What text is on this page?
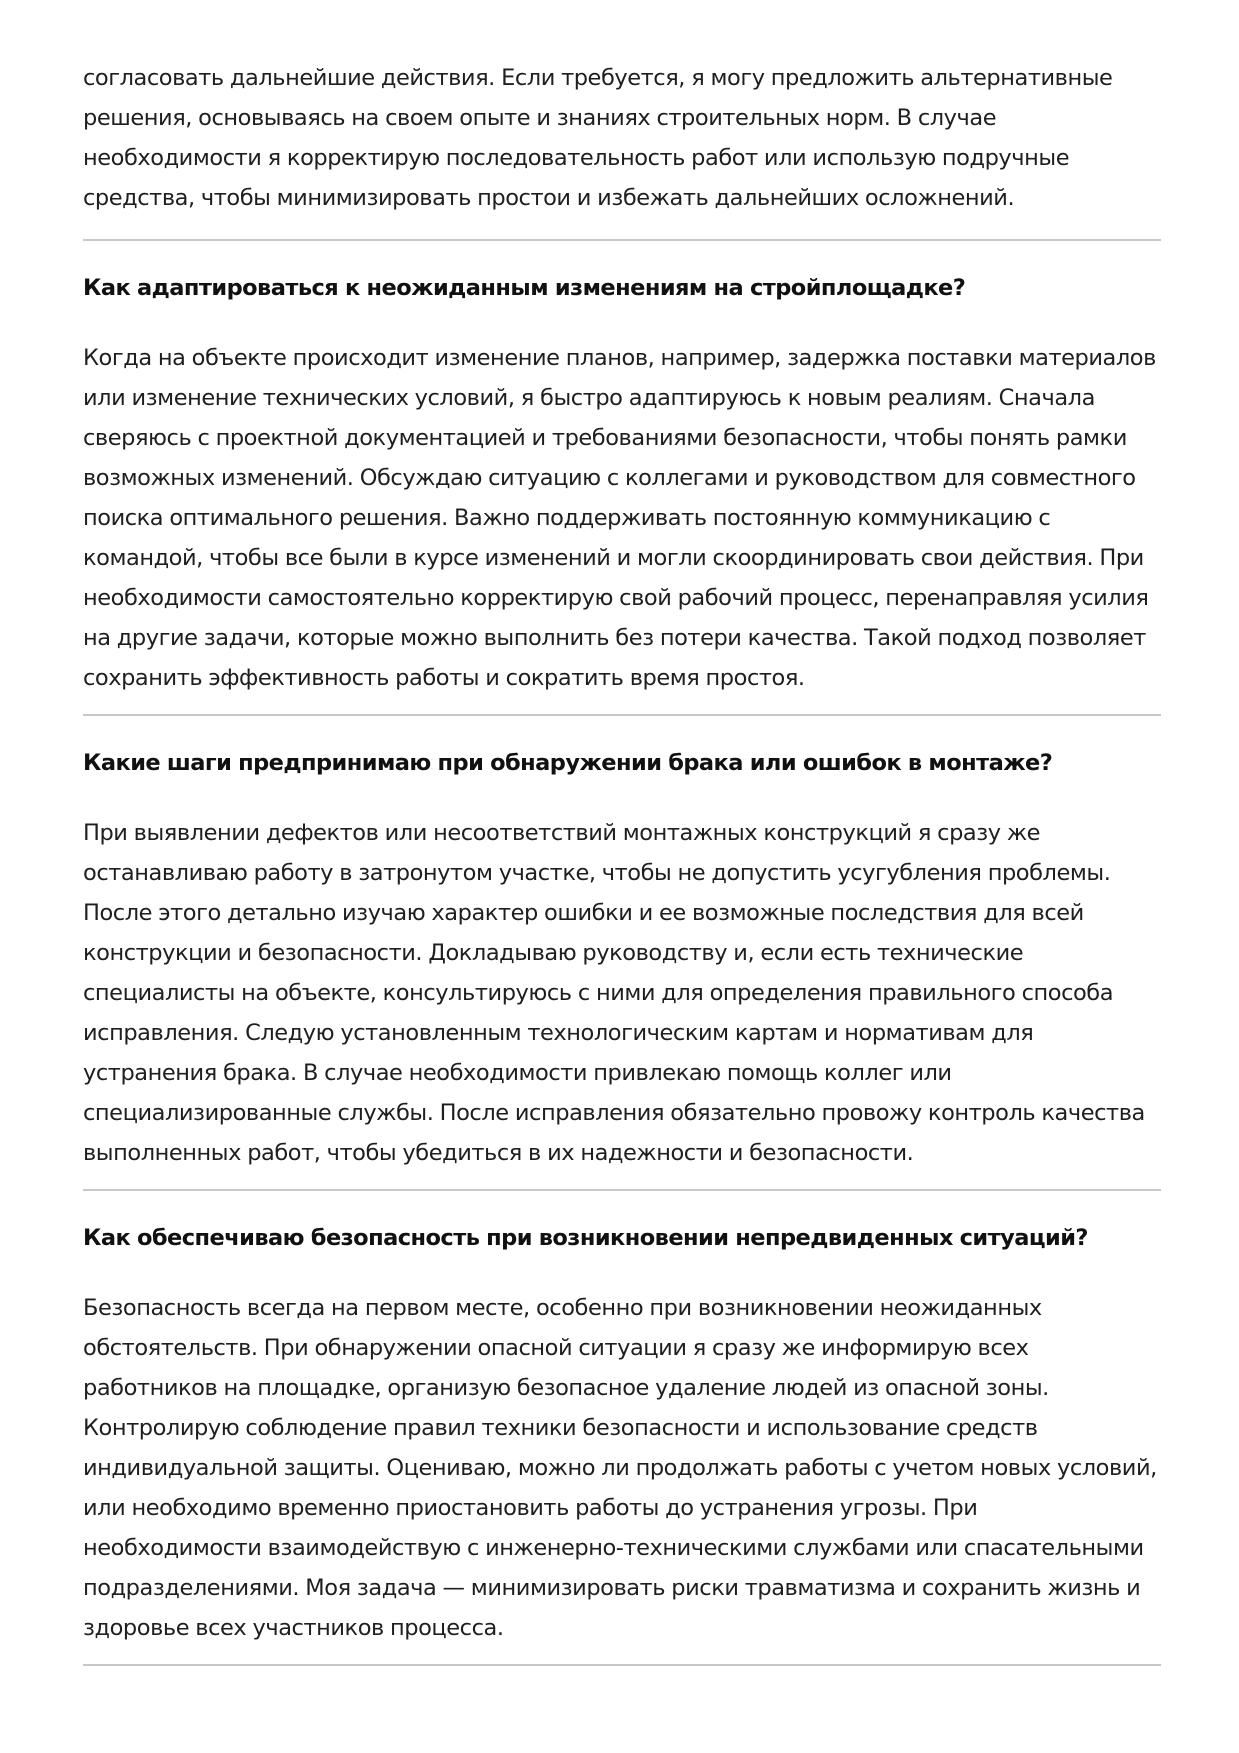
согласовать дальнейшие действия. Если требуется, я могу предложить альтернативные решения, основываясь на своем опыте и знаниях строительных норм. В случае необходимости я корректирую последовательность работ или использую подручные средства, чтобы минимизировать простои и избежать дальнейших осложнений.

Как адаптироваться к неожиданным изменениям на стройплощадке?

Когда на объекте происходит изменение планов, например, задержка поставки материалов или изменение технических условий, я быстро адаптируюсь к новым реалиям. Сначала сверяюсь с проектной документацией и требованиями безопасности, чтобы понять рамки возможных изменений. Обсуждаю ситуацию с коллегами и руководством для совместного поиска оптимального решения. Важно поддерживать постоянную коммуникацию с командой, чтобы все были в курсе изменений и могли скоординировать свои действия. При необходимости самостоятельно корректирую свой рабочий процесс, перенаправляя усилия на другие задачи, которые можно выполнить без потери качества. Такой подход позволяет сохранить эффективность работы и сократить время простоя.

Какие шаги предпринимаю при обнаружении брака или ошибок в монтаже?

При выявлении дефектов или несоответствий монтажных конструкций я сразу же останавливаю работу в затронутом участке, чтобы не допустить усугубления проблемы. После этого детально изучаю характер ошибки и ее возможные последствия для всей конструкции и безопасности. Докладываю руководству и, если есть технические специалисты на объекте, консультируюсь с ними для определения правильного способа исправления. Следую установленным технологическим картам и нормативам для устранения брака. В случае необходимости привлекаю помощь коллег или специализированные службы. После исправления обязательно провожу контроль качества выполненных работ, чтобы убедиться в их надежности и безопасности.

Как обеспечиваю безопасность при возникновении непредвиденных ситуаций?

Безопасность всегда на первом месте, особенно при возникновении неожиданных обстоятельств. При обнаружении опасной ситуации я сразу же информирую всех работников на площадке, организую безопасное удаление людей из опасной зоны. Контролирую соблюдение правил техники безопасности и использование средств индивидуальной защиты. Оцениваю, можно ли продолжать работы с учетом новых условий, или необходимо временно приостановить работы до устранения угрозы. При необходимости взаимодействую с инженерно-техническими службами или спасательными подразделениями. Моя задача — минимизировать риски травматизма и сохранить жизнь и здоровье всех участников процесса.
